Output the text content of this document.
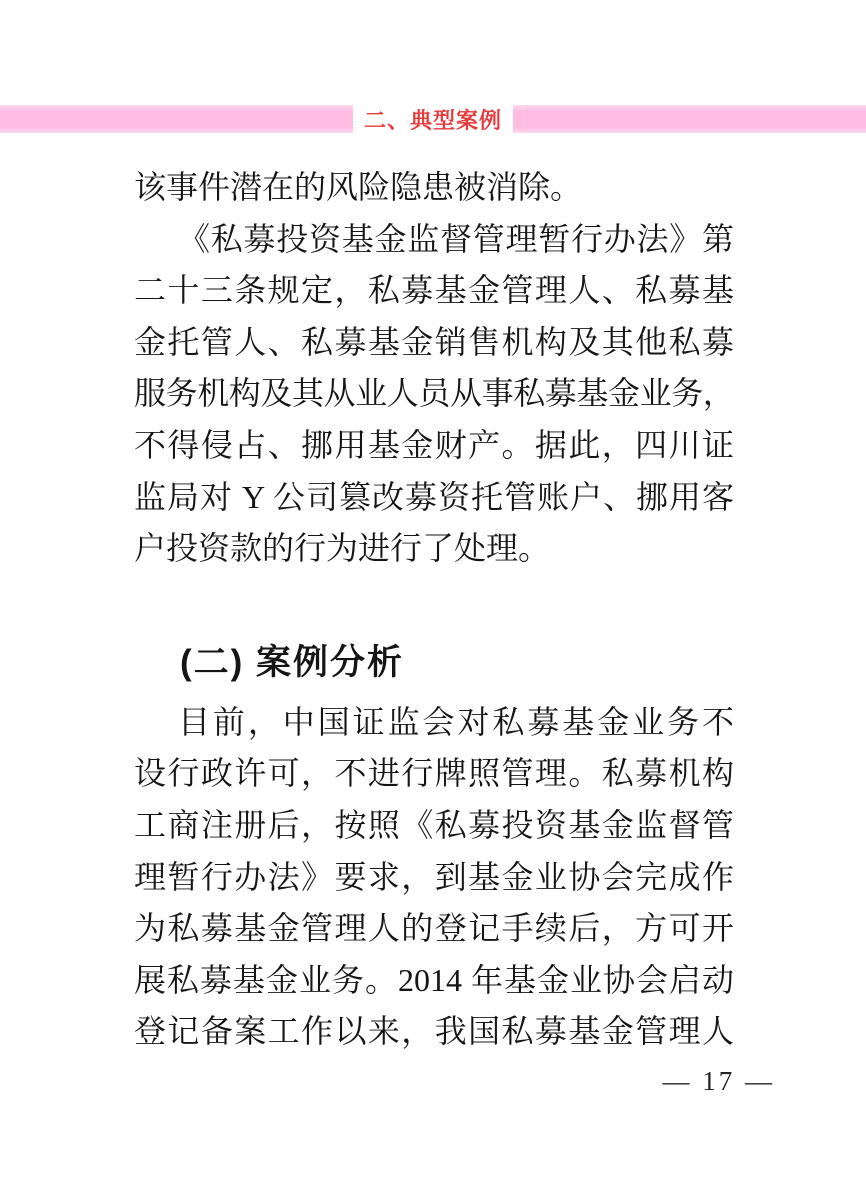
二、典型案例
该事件潜在的风险隐患被消除。
《私募投资基金监督管理暂行办法》第
二十三条规定，私募基金管理人、私募基
金托管人、私募基金销售机构及其他私募
服务机构及其从业人员从事私募基金业务，
不得侵占、挪用基金财产。据此，四川证
监局对 Y 公司篡改募资托管账户、挪用客
户投资款的行为进行了处理。
(二) 案例分析
目前，中国证监会对私募基金业务不
设行政许可，不进行牌照管理。私募机构
工商注册后，按照《私募投资基金监督管
理暂行办法》要求，到基金业协会完成作
为私募基金管理人的登记手续后，方可开
展私募基金业务。2014 年基金业协会启动
登记备案工作以来，我国私募基金管理人
— 17 —
